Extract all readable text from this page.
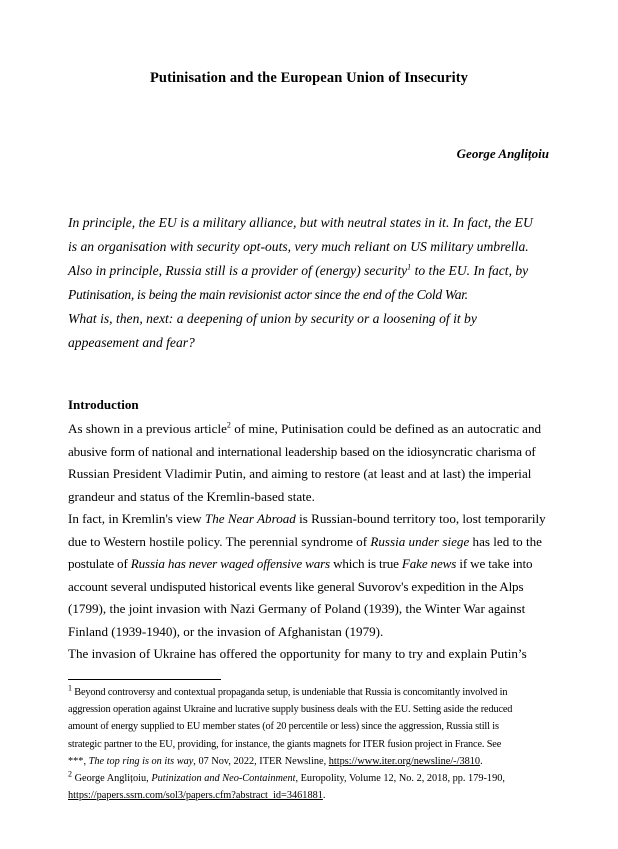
Putinisation and the European Union of Insecurity
George Anglițoiu
In principle, the EU is a military alliance, but with neutral states in it. In fact, the EU
is an organisation with security opt-outs, very much reliant on US military umbrella.
Also in principle, Russia still is a provider of (energy) security$^1$ to the EU. In fact, by
Putinisation, is being the main revisionist actor since the end of the Cold War.
What is, then, next: a deepening of union by security or a loosening of it by
appeasement and fear?
Introduction
As shown in a previous article$^2$ of mine, Putinisation could be defined as an autocratic and
abusive form of national and international leadership based on the idiosyncratic charisma of
Russian President Vladimir Putin, and aiming to restore (at least and at last) the imperial
grandeur and status of the Kremlin-based state.
In fact, in Kremlin's view The Near Abroad is Russian-bound territory too, lost temporarily
due to Western hostile policy. The perennial syndrome of Russia under siege has led to the
postulate of Russia has never waged offensive wars which is true Fake news if we take into
account several undisputed historical events like general Suvorov's expedition in the Alps
(1799), the joint invasion with Nazi Germany of Poland (1939), the Winter War against
Finland (1939-1940), or the invasion of Afghanistan (1979).
The invasion of Ukraine has offered the opportunity for many to try and explain Putin’s
$^1$ Beyond controversy and contextual propaganda setup, is undeniable that Russia is concomitantly involved in
aggression operation against Ukraine and lucrative supply business deals with the EU. Setting aside the reduced
amount of energy supplied to EU member states (of 20 percentile or less) since the aggression, Russia still is
strategic partner to the EU, providing, for instance, the giants magnets for ITER fusion project in France. See
***, The top ring is on its way, 07 Nov, 2022, ITER Newsline, https://www.iter.org/newsline/-/3810.
$^2$ George Anglițoiu, Putinization and Neo-Containment, Europolity, Volume 12, No. 2, 2018, pp. 179-190,
https://papers.ssrn.com/sol3/papers.cfm?abstract_id=3461881.
